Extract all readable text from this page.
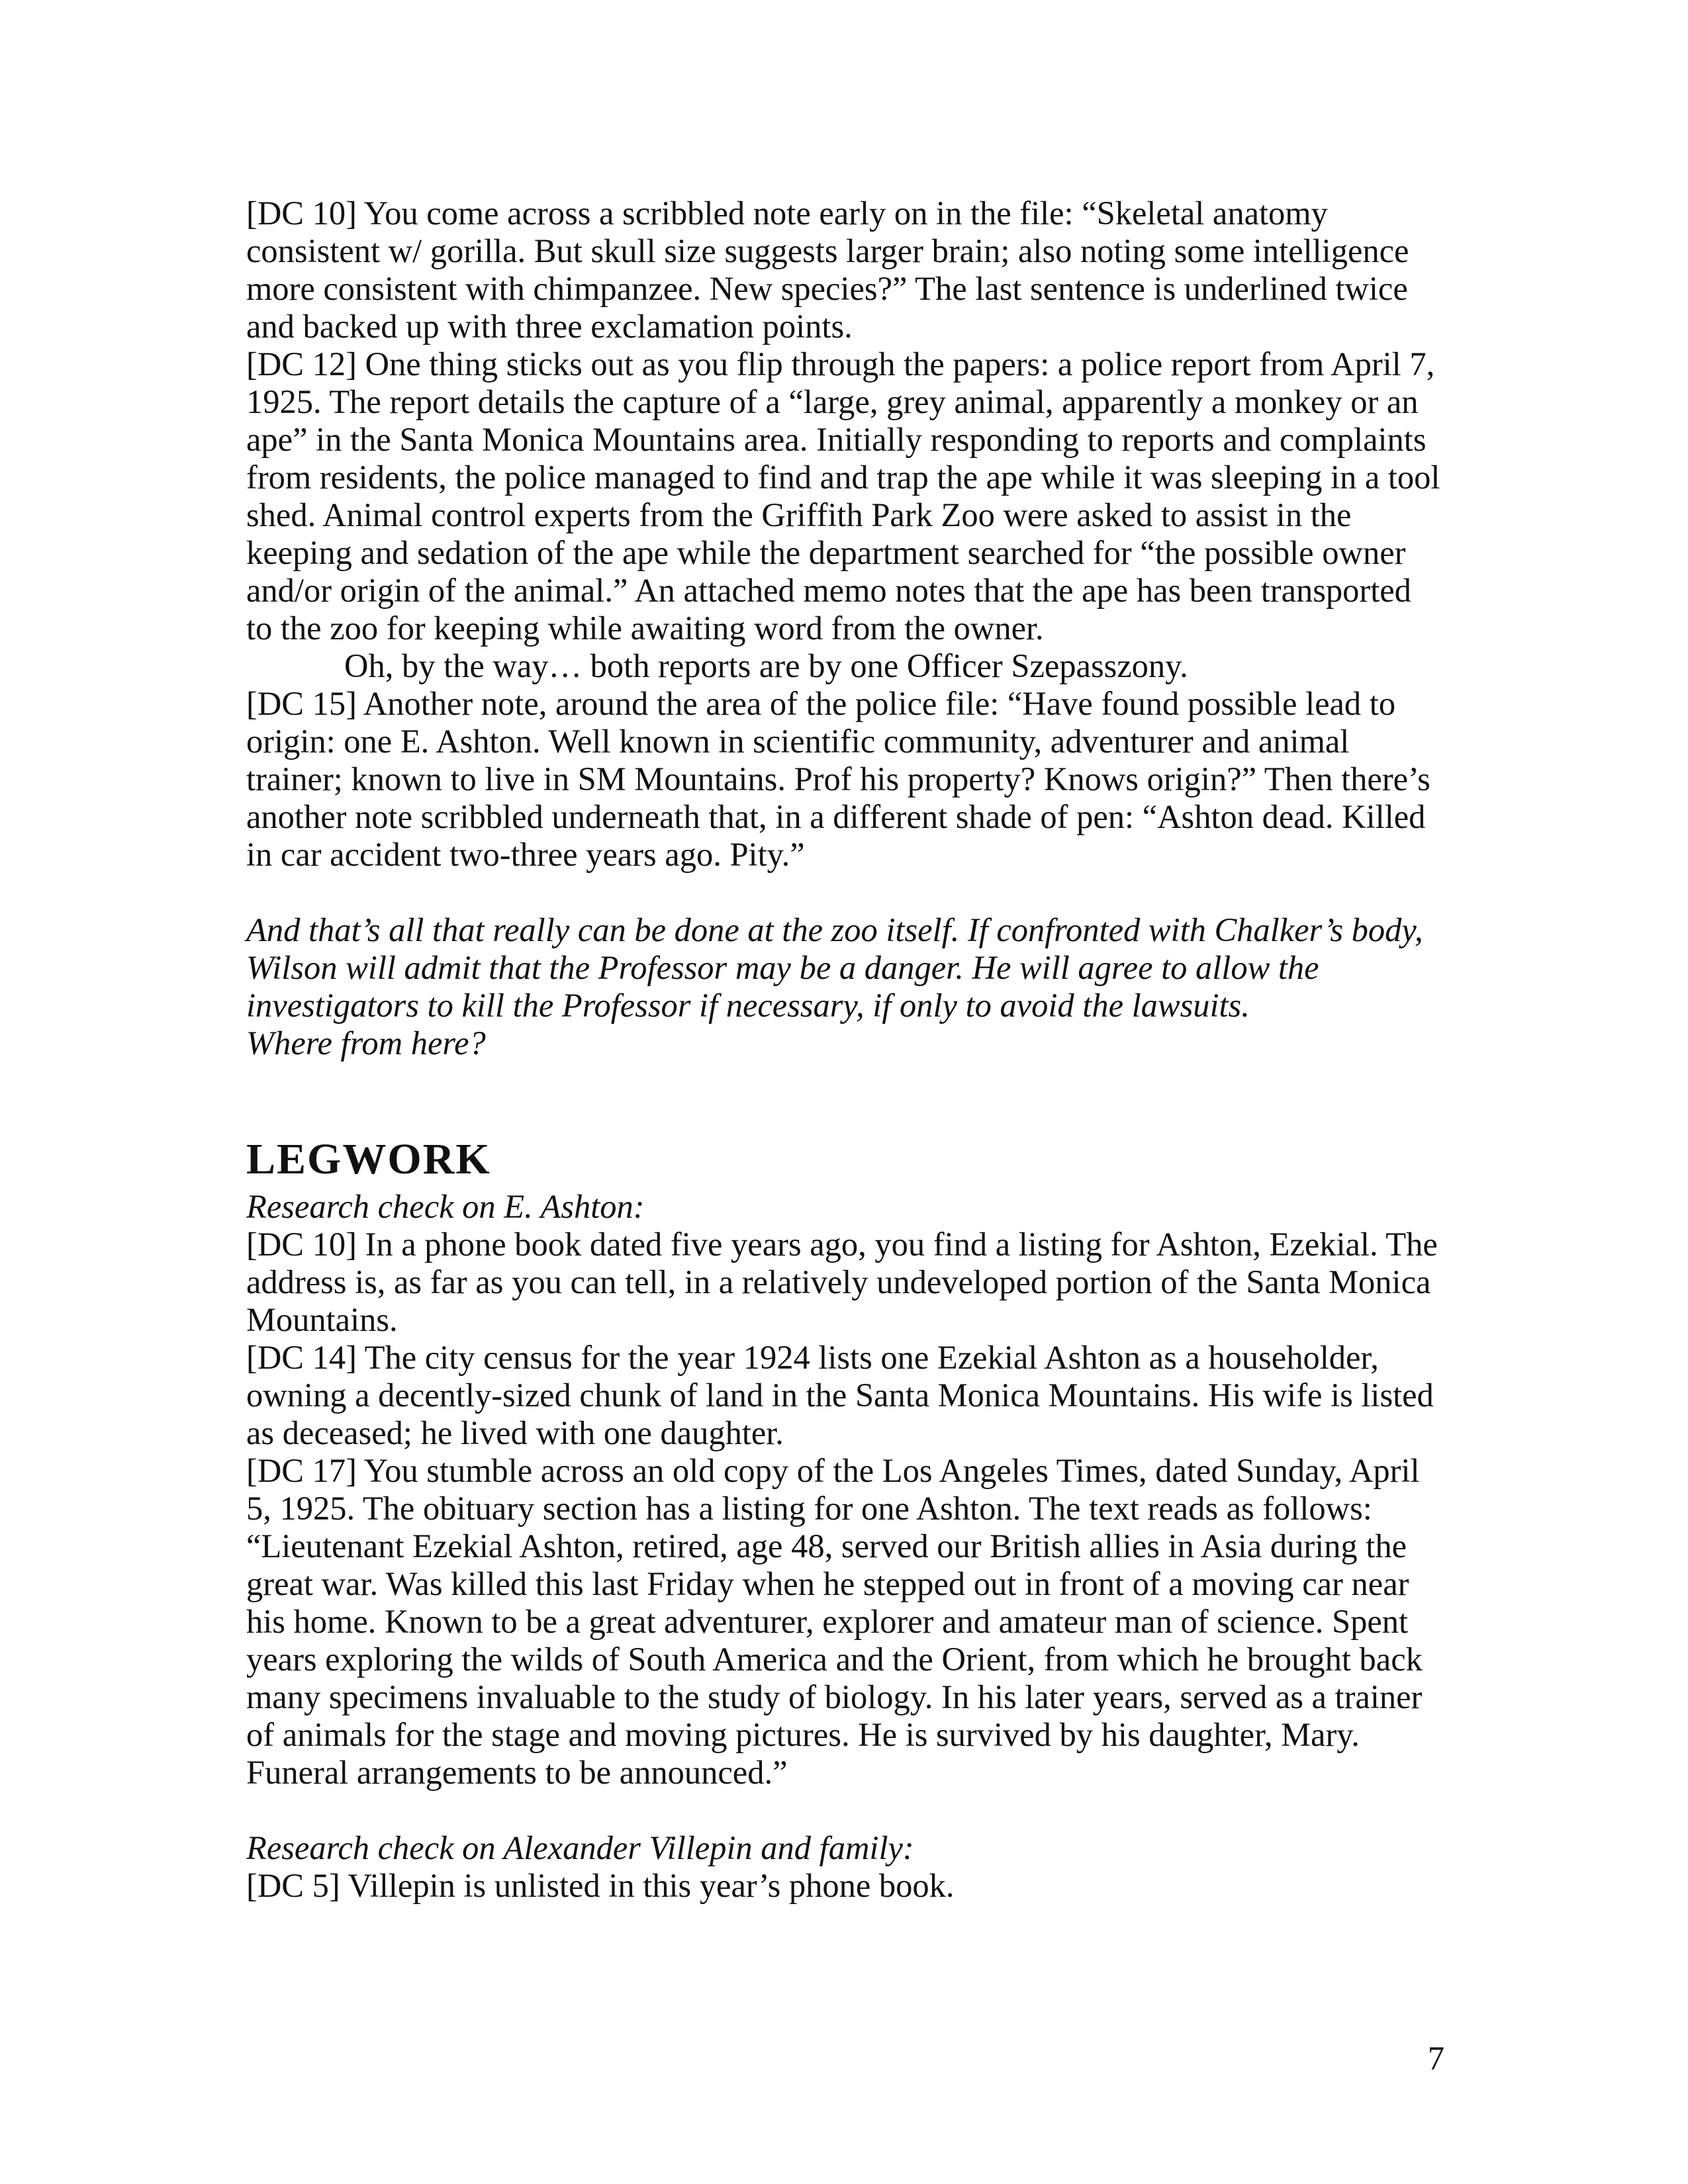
[DC 10] You come across a scribbled note early on in the file: “Skeletal anatomy consistent w/ gorilla. But skull size suggests larger brain; also noting some intelligence more consistent with chimpanzee. New species?” The last sentence is underlined twice and backed up with three exclamation points.

[DC 12] One thing sticks out as you flip through the papers: a police report from April 7, 1925. The report details the capture of a “large, grey animal, apparently a monkey or an ape” in the Santa Monica Mountains area. Initially responding to reports and complaints from residents, the police managed to find and trap the ape while it was sleeping in a tool shed. Animal control experts from the Griffith Park Zoo were asked to assist in the keeping and sedation of the ape while the department searched for “the possible owner and/or origin of the animal.” An attached memo notes that the ape has been transported to the zoo for keeping while awaiting word from the owner.

Oh, by the way… both reports are by one Officer Szepasszony.

[DC 15] Another note, around the area of the police file: “Have found possible lead to origin: one E. Ashton. Well known in scientific community, adventurer and animal trainer; known to live in SM Mountains. Prof his property? Knows origin?” Then there’s another note scribbled underneath that, in a different shade of pen: “Ashton dead. Killed in car accident two-three years ago. Pity.”

And that’s all that really can be done at the zoo itself. If confronted with Chalker’s body, Wilson will admit that the Professor may be a danger. He will agree to allow the investigators to kill the Professor if necessary, if only to avoid the lawsuits.

Where from here?

LEGWORK

Research check on E. Ashton:

[DC 10] In a phone book dated five years ago, you find a listing for Ashton, Ezekial. The address is, as far as you can tell, in a relatively undeveloped portion of the Santa Monica Mountains.

[DC 14] The city census for the year 1924 lists one Ezekial Ashton as a householder, owning a decently-sized chunk of land in the Santa Monica Mountains. His wife is listed as deceased; he lived with one daughter.

[DC 17] You stumble across an old copy of the Los Angeles Times, dated Sunday, April 5, 1925. The obituary section has a listing for one Ashton. The text reads as follows: “Lieutenant Ezekial Ashton, retired, age 48, served our British allies in Asia during the great war. Was killed this last Friday when he stepped out in front of a moving car near his home. Known to be a great adventurer, explorer and amateur man of science. Spent years exploring the wilds of South America and the Orient, from which he brought back many specimens invaluable to the study of biology. In his later years, served as a trainer of animals for the stage and moving pictures. He is survived by his daughter, Mary. Funeral arrangements to be announced.”

Research check on Alexander Villepin and family:

[DC 5] Villepin is unlisted in this year’s phone book.

7
